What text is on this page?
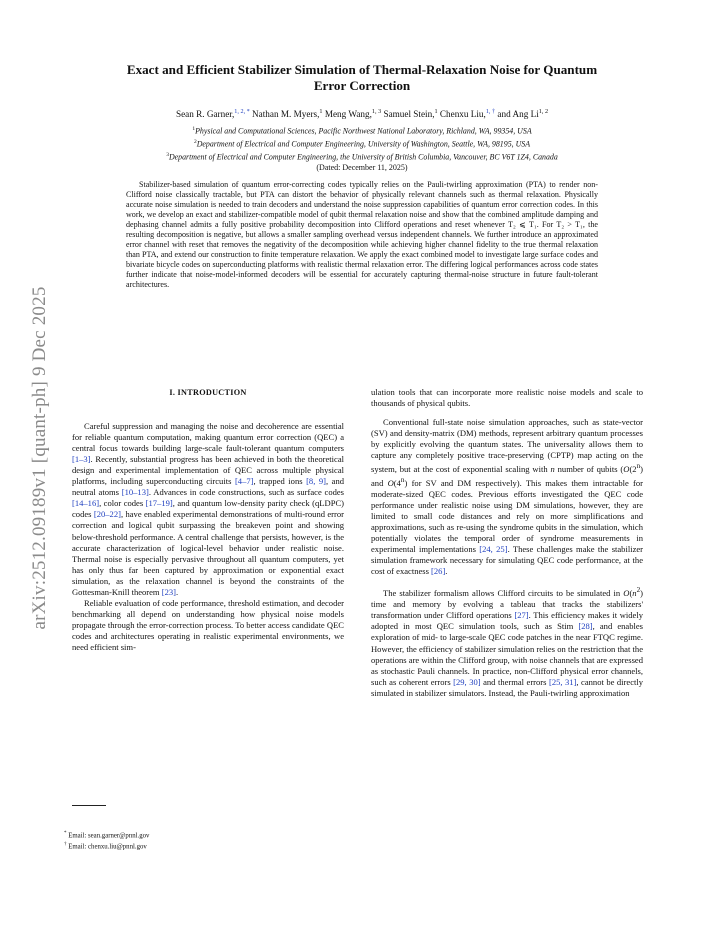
arXiv:2512.09189v1 [quant-ph] 9 Dec 2025
Exact and Efficient Stabilizer Simulation of Thermal-Relaxation Noise for Quantum
Error Correction
Sean R. Garner,$^{1, 2, *}$ Nathan M. Myers,$^1$ Meng Wang,$^{1, 3}$ Samuel Stein,$^1$ Chenxu Liu,$^{1, \dagger}$ and Ang Li$^{1, 2}$
$^1$Physical and Computational Sciences, Pacific Northwest National Laboratory, Richland, WA, 99354, USA
$^2$Department of Electrical and Computer Engineering, University of Washington, Seattle, WA, 98195, USA
$^3$Department of Electrical and Computer Engineering, the University of British Columbia, Vancouver, BC V6T 1Z4, Canada
(Dated: December 11, 2025)
Stabilizer-based simulation of quantum error-correcting codes typically relies on the Pauli-twirling approximation (PTA) to render non-Clifford noise classically tractable, but PTA can distort the behavior of physically relevant channels such as thermal relaxation. Physically accurate noise simulation is needed to train decoders and understand the noise suppression capabilities of quantum error correction codes. In this work, we develop an exact and stabilizer-compatible model of qubit thermal relaxation noise and show that the combined amplitude damping and dephasing channel admits a fully positive probability decomposition into Clifford operations and reset whenever T₂ ⩽ T₁. For T₂ > T₁, the resulting decomposition is negative, but allows a smaller sampling overhead versus independent channels. We further introduce an approximated error channel with reset that removes the negativity of the decomposition while achieving higher channel fidelity to the true thermal relaxation than PTA, and extend our construction to finite temperature relaxation. We apply the exact combined model to investigate large surface codes and bivariate bicycle codes on superconducting platforms with realistic thermal relaxation error. The differing logical performances across code states further indicate that noise-model-informed decoders will be essential for accurately capturing thermal-noise structure in future fault-tolerant architectures.
I. INTRODUCTION

Careful suppression and managing the noise and decoherence are essential for reliable quantum computation, making quantum error correction (QEC) a central focus towards building large-scale fault-tolerant quantum computers [1–3]. Recently, substantial progress has been achieved in both the theoretical design and experimental implementation of QEC across multiple physical platforms, including superconducting circuits [4–7], trapped ions [8, 9], and neutral atoms [10–13]. Advances in code constructions, such as surface codes [14–16], color codes [17–19], and quantum low-density parity check (qLDPC) codes [20–22], have enabled experimental demonstrations of multi-round error correction and logical qubit surpassing the breakeven point and showing below-threshold performance. A central challenge that persists, however, is the accurate characterization of logical-level behavior under realistic noise. Thermal noise is especially pervasive throughout all quantum computers, yet has only thus far been captured by approximation or exponential exact simulation, as the relaxation channel is beyond the constraints of the Gottesman-Knill theorem [23].

Reliable evaluation of code performance, threshold estimation, and decoder benchmarking all depend on understanding how physical noise models propagate through the error-correction process. To better access candidate QEC codes and architectures operating in realistic experimental environments, we need efficient sim-

ulation tools that can incorporate more realistic noise models and scale to thousands of physical qubits.

Conventional full-state noise simulation approaches, such as state-vector (SV) and density-matrix (DM) methods, represent arbitrary quantum processes by explicitly evolving the quantum states. The universality allows them to capture any completely positive trace-preserving (CPTP) map acting on the system, but at the cost of exponential scaling with n number of qubits (O(2$^n$) and O(4$^n$) for SV and DM respectively). This makes them intractable for moderate-sized QEC codes. Previous efforts investigated the QEC code performance under realistic noise using DM simulations, however, they are limited to small code distances and rely on more simplifications and approximations, such as re-using the syndrome qubits in the simulation, which potentially violates the temporal order of syndrome measurements in experimental implementations [24, 25]. These challenges make the stabilizer simulation framework necessary for simulating QEC code performance, at the cost of exactness [26].

The stabilizer formalism allows Clifford circuits to be simulated in $O(n^2)$ time and memory by evolving a tableau that tracks the stabilizers' transformation under Clifford operations [27]. This efficiency makes it widely adopted in most QEC simulation tools, such as Stim [28], and enables exploration of mid- to large-scale QEC code patches in the near FTQC regime. However, the efficiency of stabilizer simulation relies on the restriction that the operations are within the Clifford group, with noise channels that are expressed as stochastic Pauli channels. In practice, non-Clifford physical error channels, such as coherent errors [29, 30] and thermal errors [25, 31], cannot be directly simulated in stabilizer simulators. Instead, the Pauli-twirling approximation

* Email: sean.garner@pnnl.gov
† Email: chenxu.liu@pnnl.gov
